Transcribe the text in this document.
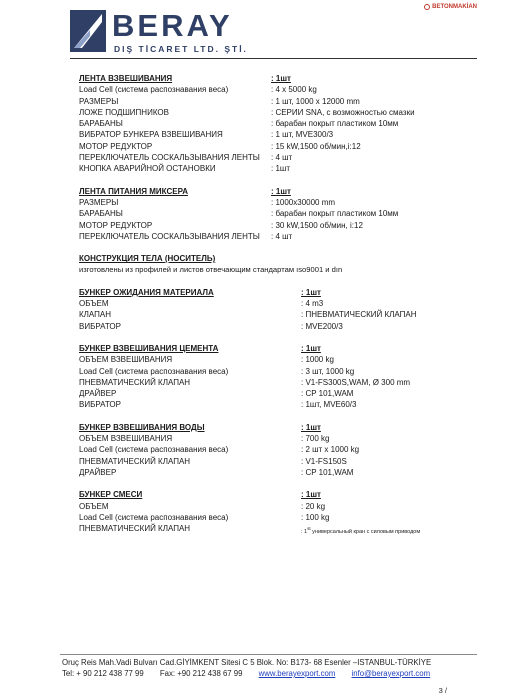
BERAY
DIŞ TİCARET LTD. ŞTİ.
BETONMAKİAN
ЛЕНТА ВЗВЕШИВАНИЯ	: 1шт
Load Cell (система распознавания веса)	: 4 x 5000 kg
РАЗМЕРЫ	: 1 шт, 1000 x 12000 mm
ЛОЖЕ ПОДШИПНИКОВ	: СЕРИИ SNA, с возможностью смазки
БАРАБАНЫ	: барабан покрыт пластиком 10мм
ВИБРАТОР БУНКЕРА ВЗВЕШИВАНИЯ	: 1 шт, MVE300/3
МОТОР РЕДУКТОР	: 15 kW,1500 об/мин,i:12
ПЕРЕКЛЮЧАТЕЛЬ СОСКАЛЬЗЫВАНИЯ ЛЕНТЫ	: 4 шт
КНОПКА АВАРИЙНОЙ ОСТАНОВКИ	: 1шт
ЛЕНТА ПИТАНИЯ МИКСЕРА	: 1шт
РАЗМЕРЫ	: 1000x30000 mm
БАРАБАНЫ	: барабан покрыт пластиком 10мм
МОТОР РЕДУКТОР	: 30 kW,1500 об/мин, i:12
ПЕРЕКЛЮЧАТЕЛЬ СОСКАЛЬЗЫВАНИЯ ЛЕНТЫ	: 4 шт
КОНСТРУКЦИЯ ТЕЛА (НОСИТЕЛЬ)
изготовлены из профилей и листов отвечающим стандартам ıso9001 и dın
БУНКЕР ОЖИДАНИЯ МАТЕРИАЛА	: 1шт
ОБЪЕМ	: 4 m3
КЛАПАН	: ПНЕВМАТИЧЕСКИЙ КЛАПАН
ВИБРАТОР	: MVE200/3
БУНКЕР ВЗВЕШИВАНИЯ ЦЕМЕНТА	: 1шт
ОБЪЕМ ВЗВЕШИВАНИЯ	: 1000 kg
Load Cell (система распознавания веса)	: 3 шт, 1000 kg
ПНЕВМАТИЧЕСКИЙ КЛАПАН	: V1-FS300S,WAM, Ø 300 mm
ДРАЙВЕР	: CP 101,WAM
ВИБРАТОР	: 1шт, MVE60/3
БУНКЕР ВЗВЕШИВАНИЯ ВОДЫ	: 1шт
ОБЪЕМ ВЗВЕШИВАНИЯ	: 700 kg
Load Cell (система распознавания веса)	: 2 шт x 1000 kg
ПНЕВМАТИЧЕСКИЙ КЛАПАН	: V1-FS150S
ДРАЙВЕР	: CP 101,WAM
БУНКЕР СМЕСИ	: 1шт
ОБЪЕМ	: 20 kg
Load Cell (система распознавания веса)	: 100 kg
ПНЕВМАТИЧЕСКИЙ КЛАПАН	: 1st универсальный кран с силовым приводом
Oruç Reis Mah.Vadi Bulvarı Cad.GİYİMKENT Sitesi C 5 Blok. No: B173- 68 Esenler –ISTANBUL-TÜRKİYE
Tel: + 90 212 438 77 99 Fax: +90 212 438 67 99 www.berayexport.com info@berayexport.com
3 /
